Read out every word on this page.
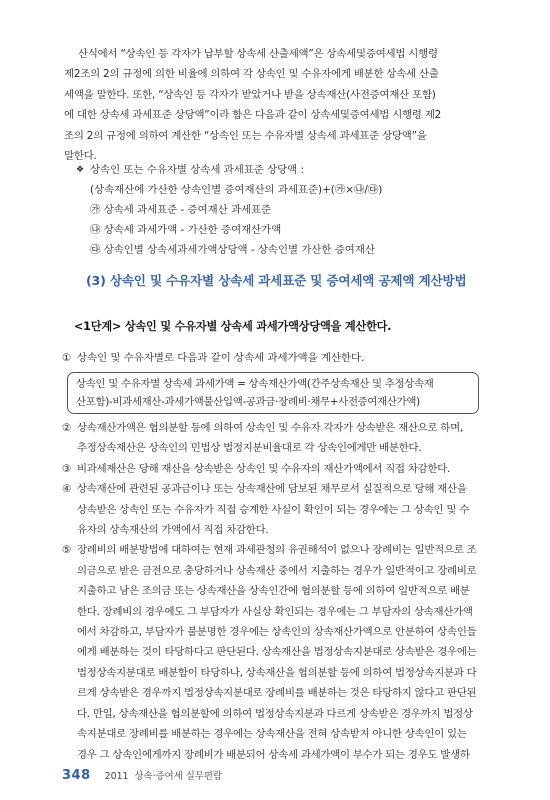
산식에서 “상속인 등 각자가 납부할 상속세 산출세액”은 상속세및증여세법 시행령

제2조의 2의 규정에 의한 비율에 의하여 각 상속인 및 수유자에게 배분한 상속세 산출
세액을 말한다. 또한, “상속인 등 각자가 받았거나 받을 상속재산(사전증여재산 포함)
에 대한 상속세 과세표준 상당액”이라 함은 다음과 같이 상속세및증여세법 시행령 제2
조의 2의 규정에 의하여 계산한 “상속인 또는 수유자별 상속세 과세표준 상당액”을
말한다.
❖ 상속인 또는 수유자별 상속세 과세표준 상당액 :
(상속재산에 가산한 상속인별 증여재산의 과세표준)+(㉮×㉯/㉰)
㉮ 상속세 과세표준 - 증여재산 과세표준
㉯ 상속세 과세가액 - 가산한 증여재산가액
㉰ 상속인별 상속세과세가액상당액 - 상속인별 가산한 증여재산
(3) 상속인 및 수유자별 상속세 과세표준 및 증여세액 공제액 계산방법
<1단계> 상속인 및 수유자별 상속세 과세가액상당액을 계산한다.
① 상속인 및 수유자별로 다음과 같이 상속세 과세가액을 계산한다.
상속인 및 수유자별 상속세 과세가액 = 상속재산가액(간주상속재산 및 추정상속재
산포함)-비과세재산-과세가액불산입액-공과금·장례비·채무+사전증여재산가액)
② 상속재산가액은 협의분할 등에 의하여 상속인 및 수유자 각자가 상속받은 재산으로 하며,
추정상속재산은 상속인의 민법상 법정지분비율대로 각 상속인에게만 배분한다.
③ 비과세재산은 당해 재산을 상속받은 상속인 및 수유자의 재산가액에서 직접 차감한다.
④ 상속재산에 관련된 공과금이나 또는 상속재산에 담보된 채무로서 실질적으로 당해 재산을
상속받은 상속인 또는 수유자가 직접 승계한 사실이 확인이 되는 경우에는 그 상속인 및 수
유자의 상속재산의 가액에서 직접 차감한다.
⑤ 장례비의 배분방법에 대하여는 현재 과세관청의 유권해석이 없으나 장례비는 일반적으로 조
의금으로 받은 금전으로 충당하거나 상속재산 중에서 지출하는 경우가 일반적이고 장례비로
지출하고 남은 조의금 또는 상속재산을 상속인간에 협의분할 등에 의하여 일반적으로 배분
한다. 장례비의 경우에도 그 부담자가 사실상 확인되는 경우에는 그 부담자의 상속재산가액
에서 차감하고, 부담자가 불분명한 경우에는 상속인의 상속재산가액으로 안분하여 상속인들
에게 배분하는 것이 타당하다고 판단된다. 상속재산을 법정상속지분대로 상속받은 경우에는
법정상속지분대로 배분함이 타당하나, 상속재산을 협의분할 등에 의하여 법정상속지분과 다
르게 상속받은 경우까지 법정상속지분대로 장례비를 배분하는 것은 타당하지 않다고 판단된
다. 만일, 상속재산을 협의분할에 의하여 법정상속지분과 다르게 상속받은 경우까지 법정상
속지분대로 장례비를 배분하는 경우에는 상속재산을 전혀 상속받지 아니한 상속인이 있는
경우 그 상속인에게까지 장례비가 배분되어 상속세 과세가액이 부수가 되는 경우도 발생하
348 2011 상속·증여세 실무편람
